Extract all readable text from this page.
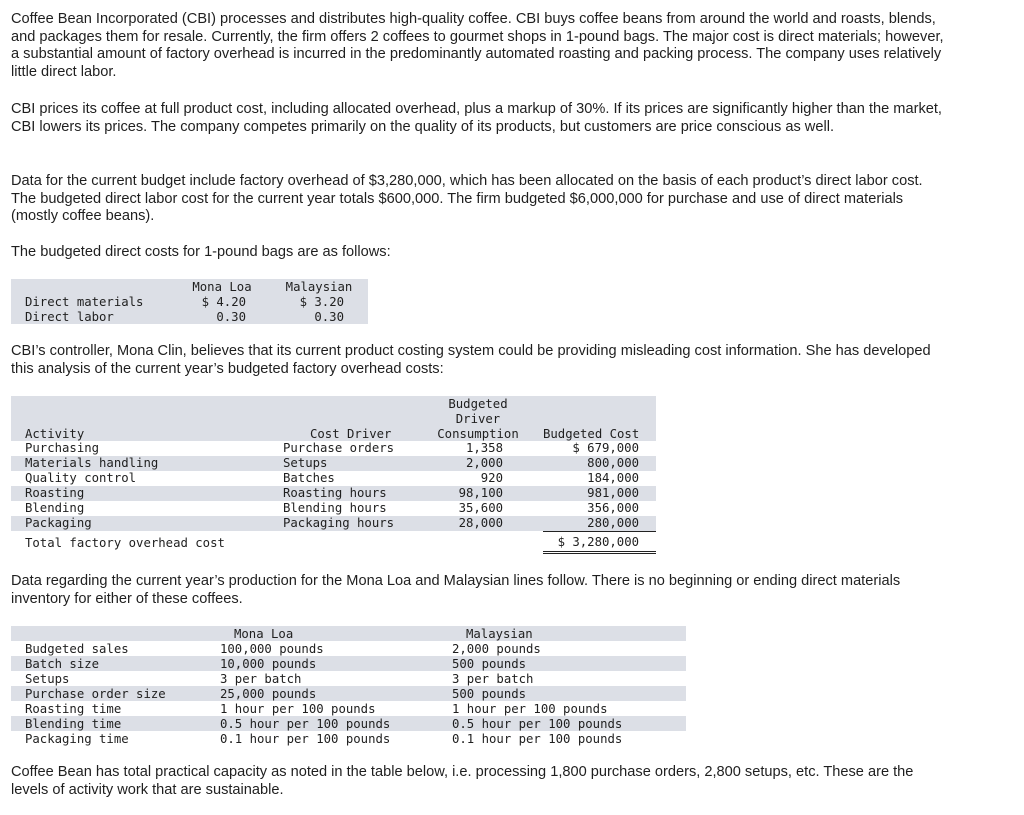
Coffee Bean Incorporated (CBI) processes and distributes high-quality coffee. CBI buys coffee beans from around the world and roasts, blends, and packages them for resale. Currently, the firm offers 2 coffees to gourmet shops in 1-pound bags. The major cost is direct materials; however, a substantial amount of factory overhead is incurred in the predominantly automated roasting and packing process. The company uses relatively little direct labor.

CBI prices its coffee at full product cost, including allocated overhead, plus a markup of 30%. If its prices are significantly higher than the market, CBI lowers its prices. The company competes primarily on the quality of its products, but customers are price conscious as well.

Data for the current budget include factory overhead of $3,280,000, which has been allocated on the basis of each product’s direct labor cost. The budgeted direct labor cost for the current year totals $600,000. The firm budgeted $6,000,000 for purchase and use of direct materials (mostly coffee beans).

The budgeted direct costs for 1-pound bags are as follows:

Mona Loa	Malaysian
Direct materials	$ 4.20	$ 3.20
Direct labor	0.30	0.30

CBI’s controller, Mona Clin, believes that its current product costing system could be providing misleading cost information. She has developed this analysis of the current year’s budgeted factory overhead costs:

Budgeted
Driver
Activity	Cost Driver	Consumption	Budgeted Cost
Purchasing	Purchase orders	1,358	$ 679,000
Materials handling	Setups	2,000	800,000
Quality control	Batches	920	184,000
Roasting	Roasting hours	98,100	981,000
Blending	Blending hours	35,600	356,000
Packaging	Packaging hours	28,000	280,000
Total factory overhead cost	$ 3,280,000

Data regarding the current year’s production for the Mona Loa and Malaysian lines follow. There is no beginning or ending direct materials inventory for either of these coffees.

Mona Loa	Malaysian
Budgeted sales	100,000 pounds	2,000 pounds
Batch size	10,000 pounds	500 pounds
Setups	3 per batch	3 per batch
Purchase order size	25,000 pounds	500 pounds
Roasting time	1 hour per 100 pounds	1 hour per 100 pounds
Blending time	0.5 hour per 100 pounds	0.5 hour per 100 pounds
Packaging time	0.1 hour per 100 pounds	0.1 hour per 100 pounds

Coffee Bean has total practical capacity as noted in the table below, i.e. processing 1,800 purchase orders, 2,800 setups, etc. These are the levels of activity work that are sustainable.
